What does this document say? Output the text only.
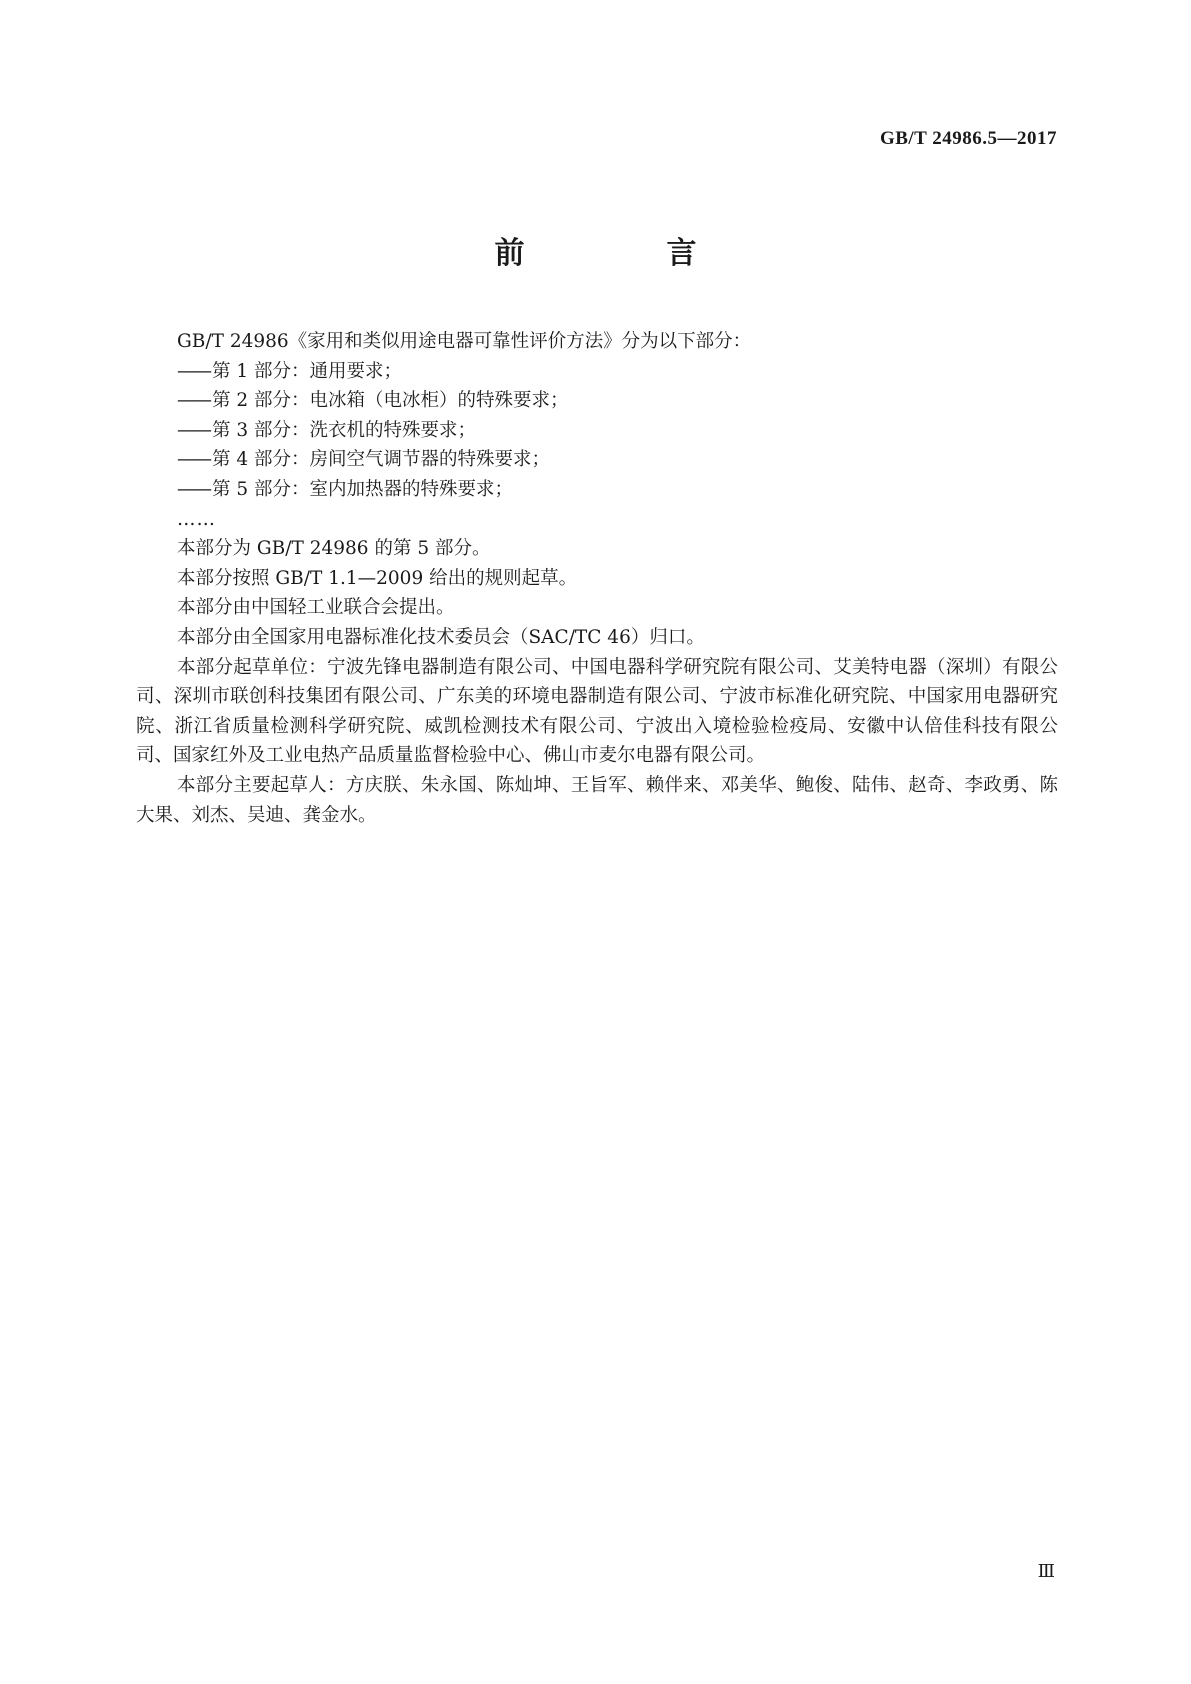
GB/T 24986.5—2017
前　言

GB/T 24986《家用和类似用途电器可靠性评价方法》分为以下部分：

—— 第 1 部分：通用要求；

—— 第 2 部分：电冰箱（电冰柜）的特殊要求；

—— 第 3 部分：洗衣机的特殊要求；

—— 第 4 部分：房间空气调节器的特殊要求；

—— 第 5 部分：室内加热器的特殊要求；

……

本部分为 GB/T 24986 的第 5 部分。

本部分按照 GB/T 1.1—2009 给出的规则起草。

本部分由中国轻工业联合会提出。

本部分由全国家用电器标准化技术委员会（SAC/TC 46）归口。

本部分起草单位：宁波先锋电器制造有限公司、中国电器科学研究院有限公司、艾美特电器（深圳）有限公司、深圳市联创科技集团有限公司、广东美的环境电器制造有限公司、宁波市标准化研究院、中国家用电器研究院、浙江省质量检测科学研究院、威凯检测技术有限公司、宁波出入境检验检疫局、安徽中认倍佳科技有限公司、国家红外及工业电热产品质量监督检验中心、佛山市麦尔电器有限公司。

本部分主要起草人：方庆朕、朱永国、陈灿坤、王旨军、赖伴来、邓美华、鲍俊、陆伟、赵奇、李政勇、陈大果、刘杰、吴迪、龚金水。

Ⅲ
